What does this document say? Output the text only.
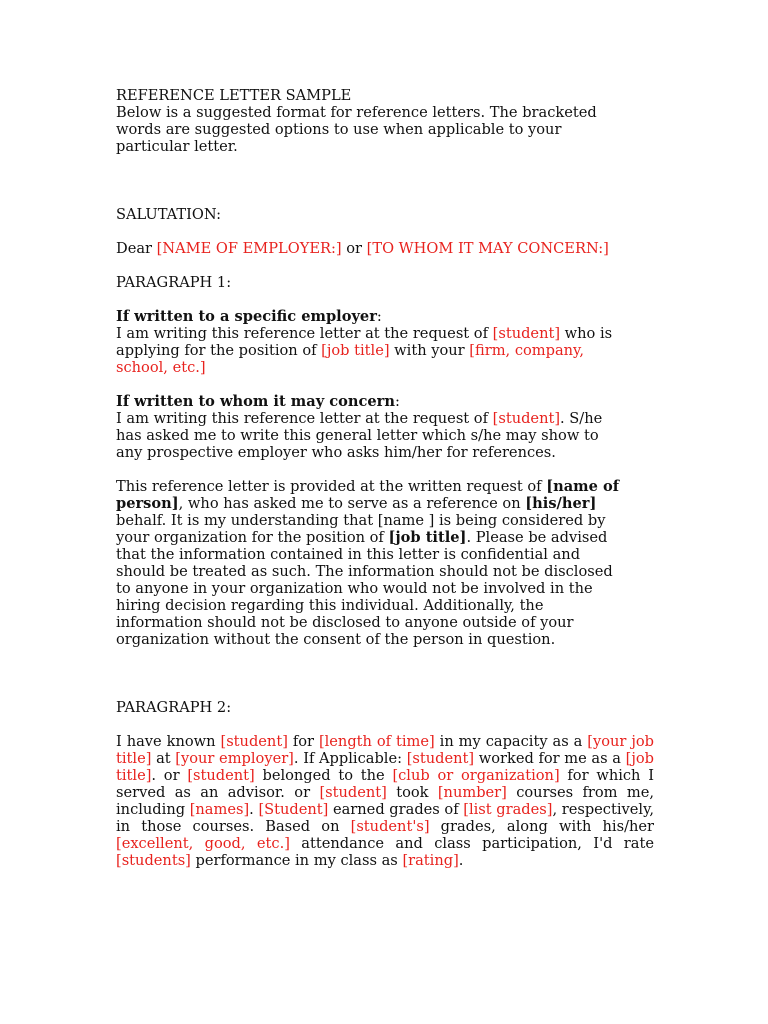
REFERENCE LETTER SAMPLE
Below is a suggested format for reference letters. The bracketed
words are suggested options to use when applicable to your
particular letter.
SALUTATION:
Dear [NAME OF EMPLOYER:] or [TO WHOM IT MAY CONCERN:]
PARAGRAPH 1:
If written to a specific employer:
I am writing this reference letter at the request of [student] who is
applying for the position of [job title] with your [firm, company,
school, etc.]
If written to whom it may concern:
I am writing this reference letter at the request of [student]. S/he
has asked me to write this general letter which s/he may show to
any prospective employer who asks him/her for references.
This reference letter is provided at the written request of [name of
person], who has asked me to serve as a reference on [his/her]
behalf. It is my understanding that [name ] is being considered by
your organization for the position of [job title]. Please be advised
that the information contained in this letter is confidential and
should be treated as such. The information should not be disclosed
to anyone in your organization who would not be involved in the
hiring decision regarding this individual. Additionally, the
information should not be disclosed to anyone outside of your
organization without the consent of the person in question.
PARAGRAPH 2:

I have known [student] for [length of time] in my capacity as a [your job title] at [your employer]. If Applicable: [student] worked for me as a [job title]. or [student] belonged to the [club or organization] for which I served as an advisor. or [student] took [number] courses from me, including [names]. [Student] earned grades of [list grades], respectively, in those courses. Based on [student's] grades, along with his/her [excellent, good, etc.] attendance and class participation, I'd rate [students] performance in my class as [rating].
